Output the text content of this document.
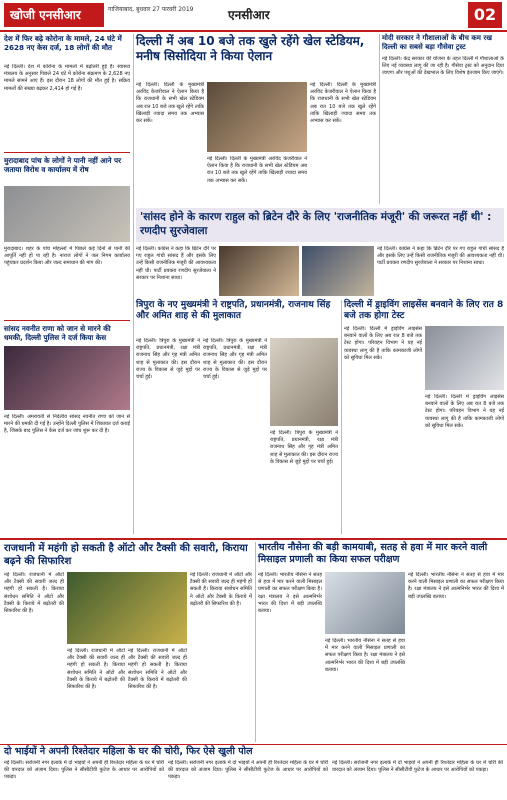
खोजी एनसीआर	गाजियाबाद, बुधवार 27 फरवरी 2019	एनसीआर	02
देश में फिर बढ़े कोरोना के मामले, 24 घंटे में 2628 नए केस दर्ज, 18 लोगों की मौत
नई दिल्ली। देश में कोरोना के मामलों में बढ़ोतरी हुई है। स्वास्थ्य मंत्रालय के अनुसार पिछले 24 घंटे में कोरोना संक्रमण के 2,628 नए मामले सामने आए हैं। इस दौरान 18 लोगों की मौत हुई है। सक्रिय मामलों की संख्या बढ़कर 2,414 हो गई है।
मुरादाबाद पांच के लोगों ने पानी नहीं आने पर जताया विरोध व कार्यालय में रोष
मुरादाबाद। शहर के पांच मोहल्लों में पिछले कई दिनों से पानी की आपूर्ति नहीं हो पा रही है। नाराज लोगों ने जल निगम कार्यालय पहुंचकर प्रदर्शन किया और जल्द समाधान की मांग की।
सांसद नवनीत राणा को जान से मारने की धमकी, दिल्ली पुलिस ने दर्ज किया केस
नई दिल्ली। अमरावती से निर्दलीय सांसद नवनीत राणा को जान से मारने की धमकी दी गई है। उन्होंने दिल्ली पुलिस में शिकायत दर्ज कराई है, जिसके बाद पुलिस ने केस दर्ज कर जांच शुरू कर दी है।
दिल्ली में अब 10 बजे तक खुले रहेंगे खेल स्टेडियम, मनीष सिसोदिया ने किया ऐलान
नई दिल्ली। दिल्ली के मुख्यमंत्री अरविंद केजरीवाल ने ऐलान किया है कि राजधानी के सभी खेल स्टेडियम अब रात 10 बजे तक खुले रहेंगे ताकि खिलाड़ी ज्यादा समय तक अभ्यास कर सकें।
नई दिल्ली। दिल्ली के मुख्यमंत्री अरविंद केजरीवाल ने ऐलान किया है कि राजधानी के सभी खेल स्टेडियम अब रात 10 बजे तक खुले रहेंगे ताकि खिलाड़ी ज्यादा समय तक अभ्यास कर सकें।
नई दिल्ली। दिल्ली के मुख्यमंत्री अरविंद केजरीवाल ने ऐलान किया है कि राजधानी के सभी खेल स्टेडियम अब रात 10 बजे तक खुले रहेंगे ताकि खिलाड़ी ज्यादा समय तक अभ्यास कर सकें।
मोदी सरकार ने गौशालाओं के बीच कम रख दिल्ली का सबसे बड़ा गौसेवा ट्रस्ट
नई दिल्ली। केंद्र सरकार की योजना के तहत दिल्ली में गौशालाओं के लिए नई व्यवस्था लागू की जा रही है। गौसेवा ट्रस्ट को अनुदान दिया जाएगा और पशुओं की देखभाल के लिए विशेष इंतजाम किए जाएंगे।
'सांसद होने के कारण राहुल को ब्रिटेन दौरे के लिए 'राजनीतिक मंजूरी' की जरूरत नहीं थी' : रणदीप सुरजेवाला
नई दिल्ली। कांग्रेस ने कहा कि ब्रिटेन दौरे पर गए राहुल गांधी सांसद हैं और इसके लिए उन्हें किसी राजनीतिक मंजूरी की आवश्यकता नहीं थी। पार्टी प्रवक्ता रणदीप सुरजेवाला ने सरकार पर निशाना साधा।
नई दिल्ली। कांग्रेस ने कहा कि ब्रिटेन दौरे पर गए राहुल गांधी सांसद हैं और इसके लिए उन्हें किसी राजनीतिक मंजूरी की आवश्यकता नहीं थी। पार्टी प्रवक्ता रणदीप सुरजेवाला ने सरकार पर निशाना साधा।
त्रिपुरा के नए मुख्यमंत्री ने राष्ट्रपति, प्रधानमंत्री, राजनाथ सिंह और अमित शाह से की मुलाकात
नई दिल्ली। त्रिपुरा के मुख्यमंत्री ने राष्ट्रपति, प्रधानमंत्री, रक्षा मंत्री राजनाथ सिंह और गृह मंत्री अमित शाह से मुलाकात की। इस दौरान राज्य के विकास से जुड़े मुद्दों पर चर्चा हुई।
नई दिल्ली। त्रिपुरा के मुख्यमंत्री ने राष्ट्रपति, प्रधानमंत्री, रक्षा मंत्री राजनाथ सिंह और गृह मंत्री अमित शाह से मुलाकात की। इस दौरान राज्य के विकास से जुड़े मुद्दों पर चर्चा हुई।
नई दिल्ली। त्रिपुरा के मुख्यमंत्री ने राष्ट्रपति, प्रधानमंत्री, रक्षा मंत्री राजनाथ सिंह और गृह मंत्री अमित शाह से मुलाकात की। इस दौरान राज्य के विकास से जुड़े मुद्दों पर चर्चा हुई।
दिल्ली में ड्राइविंग लाइसेंस बनवाने के लिए रात 8 बजे तक होगा टेस्ट
नई दिल्ली। दिल्ली में ड्राइविंग लाइसेंस बनवाने वालों के लिए अब रात 8 बजे तक टेस्ट होगा। परिवहन विभाग ने यह नई व्यवस्था लागू की है ताकि कामकाजी लोगों को सुविधा मिल सके।
नई दिल्ली। दिल्ली में ड्राइविंग लाइसेंस बनवाने वालों के लिए अब रात 8 बजे तक टेस्ट होगा। परिवहन विभाग ने यह नई व्यवस्था लागू की है ताकि कामकाजी लोगों को सुविधा मिल सके।
राजधानी में महंगी हो सकती है ऑटो और टैक्सी की सवारी, किराया बढ़ने की सिफारिश
नई दिल्ली। राजधानी में ऑटो और टैक्सी की सवारी जल्द ही महंगी हो सकती है। किराया संशोधन समिति ने ऑटो और टैक्सी के किराये में बढ़ोतरी की सिफारिश की है।
नई दिल्ली। राजधानी में ऑटो और टैक्सी की सवारी जल्द ही महंगी हो सकती है। किराया संशोधन समिति ने ऑटो और टैक्सी के किराये में बढ़ोतरी की सिफारिश की है।
नई दिल्ली। राजधानी में ऑटो और टैक्सी की सवारी जल्द ही महंगी हो सकती है। किराया संशोधन समिति ने ऑटो और टैक्सी के किराये में बढ़ोतरी की सिफारिश की है।
नई दिल्ली। राजधानी में ऑटो और टैक्सी की सवारी जल्द ही महंगी हो सकती है। किराया संशोधन समिति ने ऑटो और टैक्सी के किराये में बढ़ोतरी की सिफारिश की है।
भारतीय नौसेना की बड़ी कामयाबी, सतह से हवा में मार करने वाली मिसाइल प्रणाली का किया सफल परीक्षण
नई दिल्ली। भारतीय नौसेना ने सतह से हवा में मार करने वाली मिसाइल प्रणाली का सफल परीक्षण किया है। रक्षा मंत्रालय ने इसे आत्मनिर्भर भारत की दिशा में बड़ी उपलब्धि बताया।
नई दिल्ली। भारतीय नौसेना ने सतह से हवा में मार करने वाली मिसाइल प्रणाली का सफल परीक्षण किया है। रक्षा मंत्रालय ने इसे आत्मनिर्भर भारत की दिशा में बड़ी उपलब्धि बताया।
नई दिल्ली। भारतीय नौसेना ने सतह से हवा में मार करने वाली मिसाइल प्रणाली का सफल परीक्षण किया है। रक्षा मंत्रालय ने इसे आत्मनिर्भर भारत की दिशा में बड़ी उपलब्धि बताया।
दो भाईयों ने अपनी रिश्तेदार महिला के घर की चोरी, फिर ऐसे खुली पोल
नई दिल्ली। सरोजनी नगर इलाके में दो भाइयों ने अपनी ही रिश्तेदार महिला के घर में चोरी की वारदात को अंजाम दिया। पुलिस ने सीसीटीवी फुटेज के आधार पर आरोपियों को पकड़ा।
नई दिल्ली। सरोजनी नगर इलाके में दो भाइयों ने अपनी ही रिश्तेदार महिला के घर में चोरी की वारदात को अंजाम दिया। पुलिस ने सीसीटीवी फुटेज के आधार पर आरोपियों को पकड़ा।
नई दिल्ली। सरोजनी नगर इलाके में दो भाइयों ने अपनी ही रिश्तेदार महिला के घर में चोरी की वारदात को अंजाम दिया। पुलिस ने सीसीटीवी फुटेज के आधार पर आरोपियों को पकड़ा।
